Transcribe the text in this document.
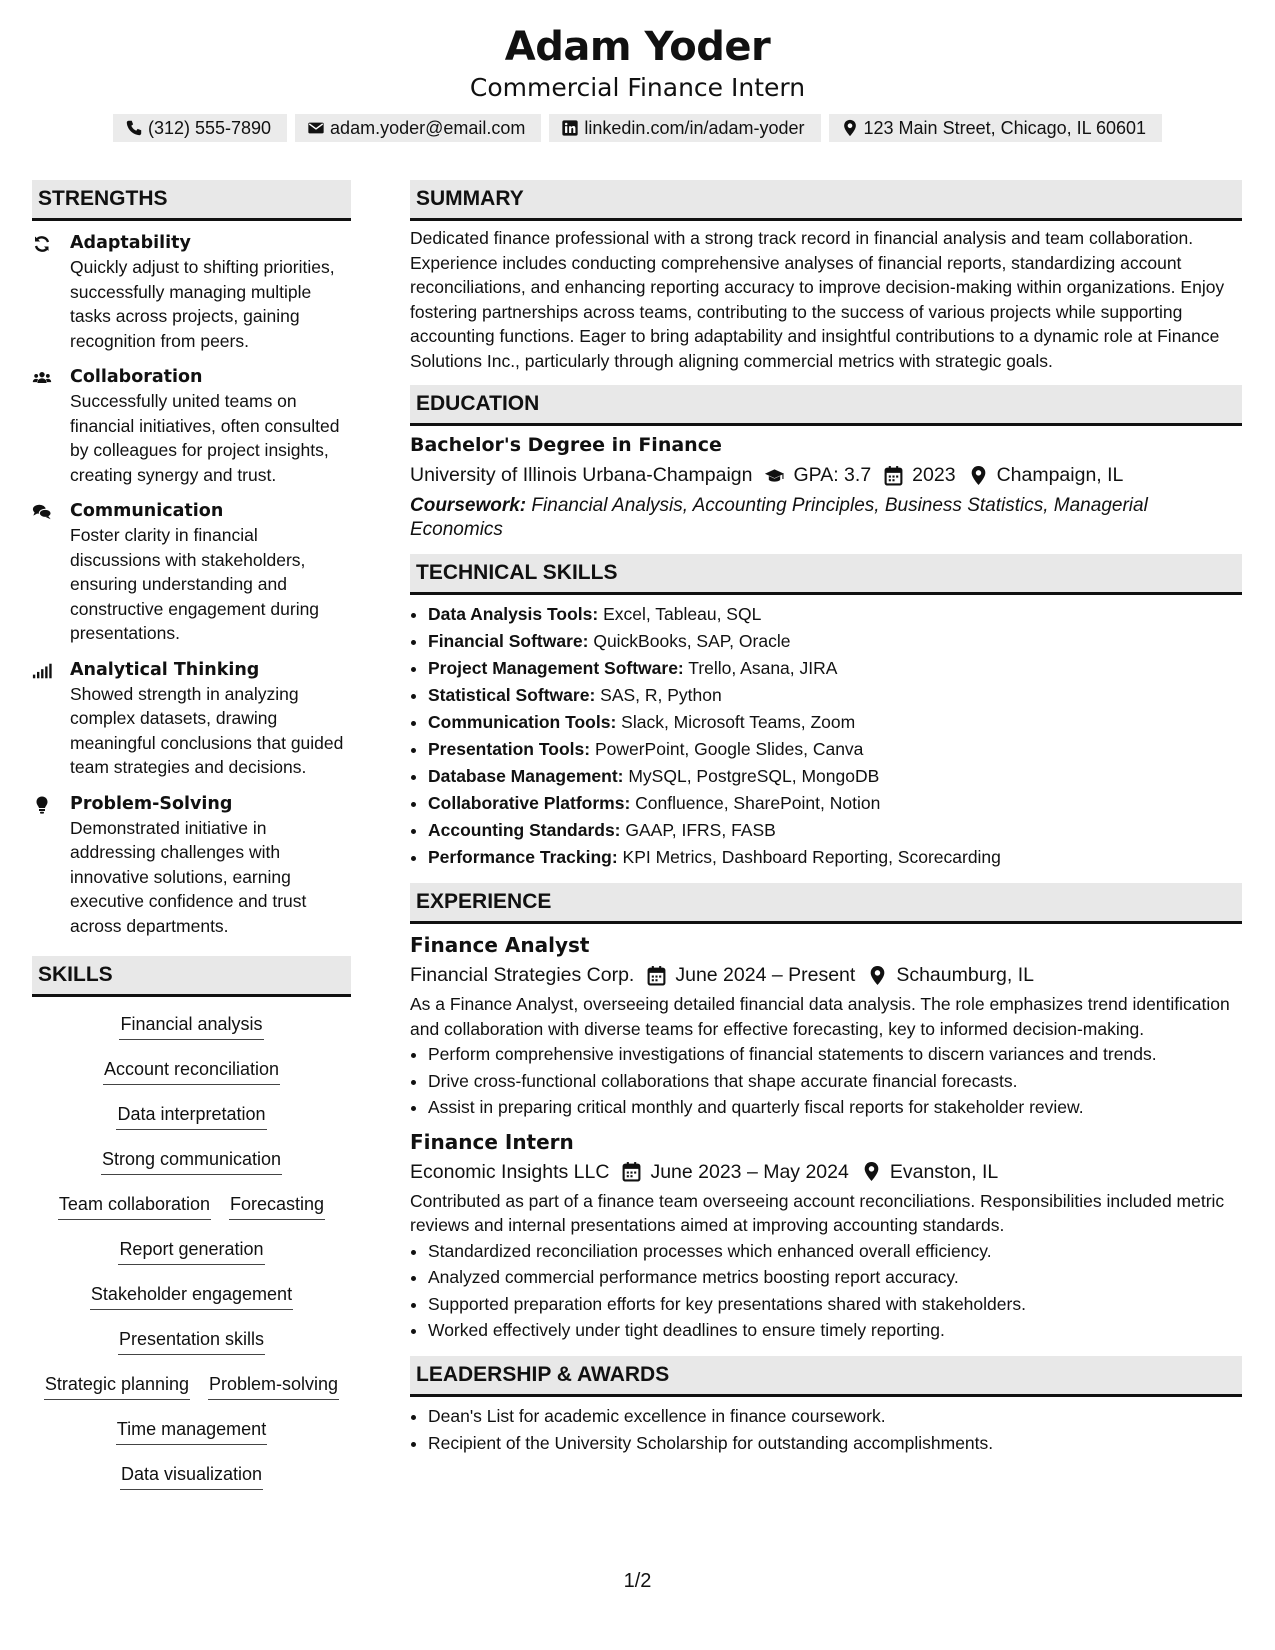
Adam Yoder
Commercial Finance Intern
(312) 555-7890	adam.yoder@email.com	linkedin.com/in/adam-yoder	123 Main Street, Chicago, IL 60601
STRENGTHS
Adaptability
Quickly adjust to shifting priorities, successfully managing multiple tasks across projects, gaining recognition from peers.
Collaboration
Successfully united teams on financial initiatives, often consulted by colleagues for project insights, creating synergy and trust.
Communication
Foster clarity in financial discussions with stakeholders, ensuring understanding and constructive engagement during presentations.
Analytical Thinking
Showed strength in analyzing complex datasets, drawing meaningful conclusions that guided team strategies and decisions.
Problem-Solving
Demonstrated initiative in addressing challenges with innovative solutions, earning executive confidence and trust across departments.
SKILLS
Financial analysis
Account reconciliation
Data interpretation
Strong communication
Team collaboration Forecasting
Report generation
Stakeholder engagement
Presentation skills
Strategic planning Problem-solving
Time management
Data visualization
SUMMARY
Dedicated finance professional with a strong track record in financial analysis and team collaboration. Experience includes conducting comprehensive analyses of financial reports, standardizing account reconciliations, and enhancing reporting accuracy to improve decision-making within organizations. Enjoy fostering partnerships across teams, contributing to the success of various projects while supporting accounting functions. Eager to bring adaptability and insightful contributions to a dynamic role at Finance Solutions Inc., particularly through aligning commercial metrics with strategic goals.
EDUCATION
Bachelor's Degree in Finance
University of Illinois Urbana-Champaign GPA: 3.7 2023 Champaign, IL
Coursework: Financial Analysis, Accounting Principles, Business Statistics, Managerial Economics
TECHNICAL SKILLS
• Data Analysis Tools: Excel, Tableau, SQL
• Financial Software: QuickBooks, SAP, Oracle
• Project Management Software: Trello, Asana, JIRA
• Statistical Software: SAS, R, Python
• Communication Tools: Slack, Microsoft Teams, Zoom
• Presentation Tools: PowerPoint, Google Slides, Canva
• Database Management: MySQL, PostgreSQL, MongoDB
• Collaborative Platforms: Confluence, SharePoint, Notion
• Accounting Standards: GAAP, IFRS, FASB
• Performance Tracking: KPI Metrics, Dashboard Reporting, Scorecarding
EXPERIENCE
Finance Analyst
Financial Strategies Corp. June 2024 – Present Schaumburg, IL
As a Finance Analyst, overseeing detailed financial data analysis. The role emphasizes trend identification and collaboration with diverse teams for effective forecasting, key to informed decision-making.
• Perform comprehensive investigations of financial statements to discern variances and trends.
• Drive cross-functional collaborations that shape accurate financial forecasts.
• Assist in preparing critical monthly and quarterly fiscal reports for stakeholder review.
Finance Intern
Economic Insights LLC June 2023 – May 2024 Evanston, IL
Contributed as part of a finance team overseeing account reconciliations. Responsibilities included metric reviews and internal presentations aimed at improving accounting standards.
• Standardized reconciliation processes which enhanced overall efficiency.
• Analyzed commercial performance metrics boosting report accuracy.
• Supported preparation efforts for key presentations shared with stakeholders.
• Worked effectively under tight deadlines to ensure timely reporting.
LEADERSHIP & AWARDS
• Dean's List for academic excellence in finance coursework.
• Recipient of the University Scholarship for outstanding accomplishments.
1/2
